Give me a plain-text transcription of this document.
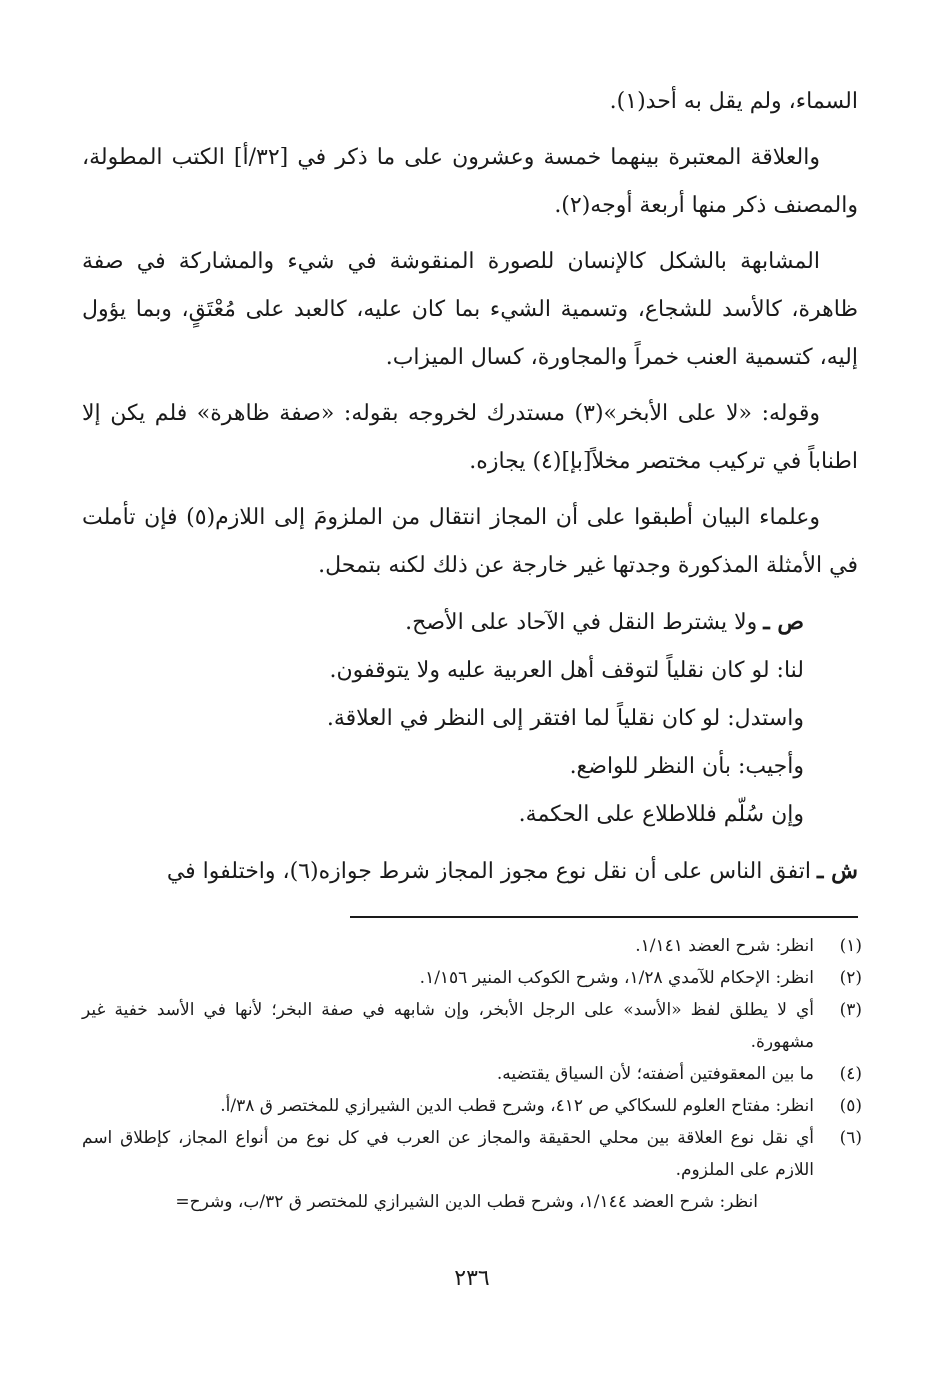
السماء، ولم يقل به أحد(١).

والعلاقة المعتبرة بينهما خمسة وعشرون على ما ذكر في [٣٢/أ] الكتب المطولة، والمصنف ذكر منها أربعة أوجه(٢).

المشابهة بالشكل كالإنسان للصورة المنقوشة في شيء والمشاركة في صفة ظاهرة، كالأسد للشجاع، وتسمية الشيء بما كان عليه، كالعبد على مُعْتَقٍ، وبما يؤول إليه، كتسمية العنب خمراً والمجاورة، كسال الميزاب.

وقوله: «لا على الأبخر»(٣) مستدرك لخروجه بقوله: «صفة ظاهرة» فلم يكن إلا اطناباً في تركيب مختصر مخلاً[بإ](٤) يجازه.

وعلماء البيان أطبقوا على أن المجاز انتقال من الملزومَ إلى اللازم(٥) فإن تأملت في الأمثلة المذكورة وجدتها غير خارجة عن ذلك لكنه بتمحل.

ص ـولا يشترط النقل في الآحاد على الأصح.
لنا: لو كان نقلياً لتوقف أهل العربية عليه ولا يتوقفون.
واستدل: لو كان نقلياً لما افتقر إلى النظر في العلاقة.
وأجيب: بأن النظر للواضع.
وإن سُلّم فللاطلاع على الحكمة.

ش ـاتفق الناس على أن نقل نوع مجوز المجاز شرط جوازه(٦)، واختلفوا في

(١)
انظر: شرح العضد ١/١٤١.
(٢)
انظر: الإحكام للآمدي ١/٢٨، وشرح الكوكب المنير ١/١٥٦.
(٣)
أي لا يطلق لفظ «الأسد» على الرجل الأبخر، وإن شابهه في صفة البخر؛ لأنها في الأسد خفية غير مشهورة.
(٤)
ما بين المعقوفتين أضفته؛ لأن السياق يقتضيه.
(٥)
انظر: مفتاح العلوم للسكاكي ص ٤١٢، وشرح قطب الدين الشيرازي للمختصر ق ٣٨/أ.
(٦)
أي نقل نوع العلاقة بين محلي الحقيقة والمجاز عن العرب في كل نوع من أنواع المجاز، كإطلاق اسم اللازم على الملزوم.
انظر: شرح العضد ١/١٤٤، وشرح قطب الدين الشيرازي للمختصر ق ٣٢/ب، وشرح=
٢٣٦
